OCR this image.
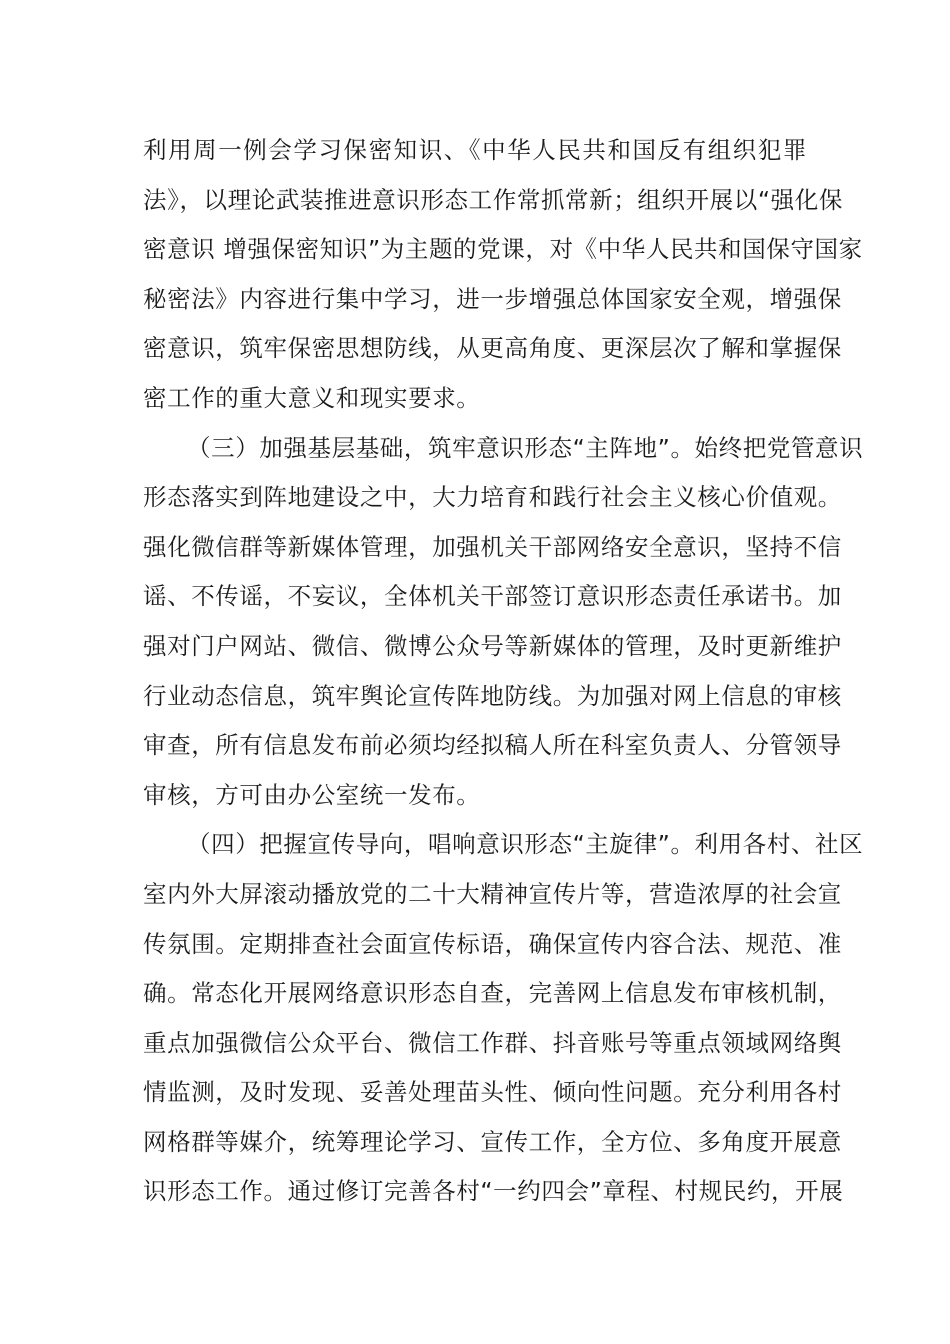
利用周一例会学习保密知识、《中华人民共和国反有组织犯罪
法》，以理论武装推进意识形态工作常抓常新；组织开展以“强化保
密意识 增强保密知识”为主题的党课，对《中华人民共和国保守国家
秘密法》内容进行集中学习，进一步增强总体国家安全观，增强保
密意识，筑牢保密思想防线，从更高角度、更深层次了解和掌握保
密工作的重大意义和现实要求。
（三）加强基层基础，筑牢意识形态“主阵地”。始终把党管意识
形态落实到阵地建设之中，大力培育和践行社会主义核心价值观。
强化微信群等新媒体管理，加强机关干部网络安全意识，坚持不信
谣、不传谣，不妄议，全体机关干部签订意识形态责任承诺书。加
强对门户网站、微信、微博公众号等新媒体的管理，及时更新维护
行业动态信息，筑牢舆论宣传阵地防线。为加强对网上信息的审核
审查，所有信息发布前必须均经拟稿人所在科室负责人、分管领导
审核，方可由办公室统一发布。
（四）把握宣传导向，唱响意识形态“主旋律”。利用各村、社区
室内外大屏滚动播放党的二十大精神宣传片等，营造浓厚的社会宣
传氛围。定期排查社会面宣传标语，确保宣传内容合法、规范、准
确。常态化开展网络意识形态自查，完善网上信息发布审核机制，
重点加强微信公众平台、微信工作群、抖音账号等重点领域网络舆
情监测，及时发现、妥善处理苗头性、倾向性问题。充分利用各村
网格群等媒介，统筹理论学习、宣传工作，全方位、多角度开展意
识形态工作。通过修订完善各村“一约四会”章程、村规民约，开展
